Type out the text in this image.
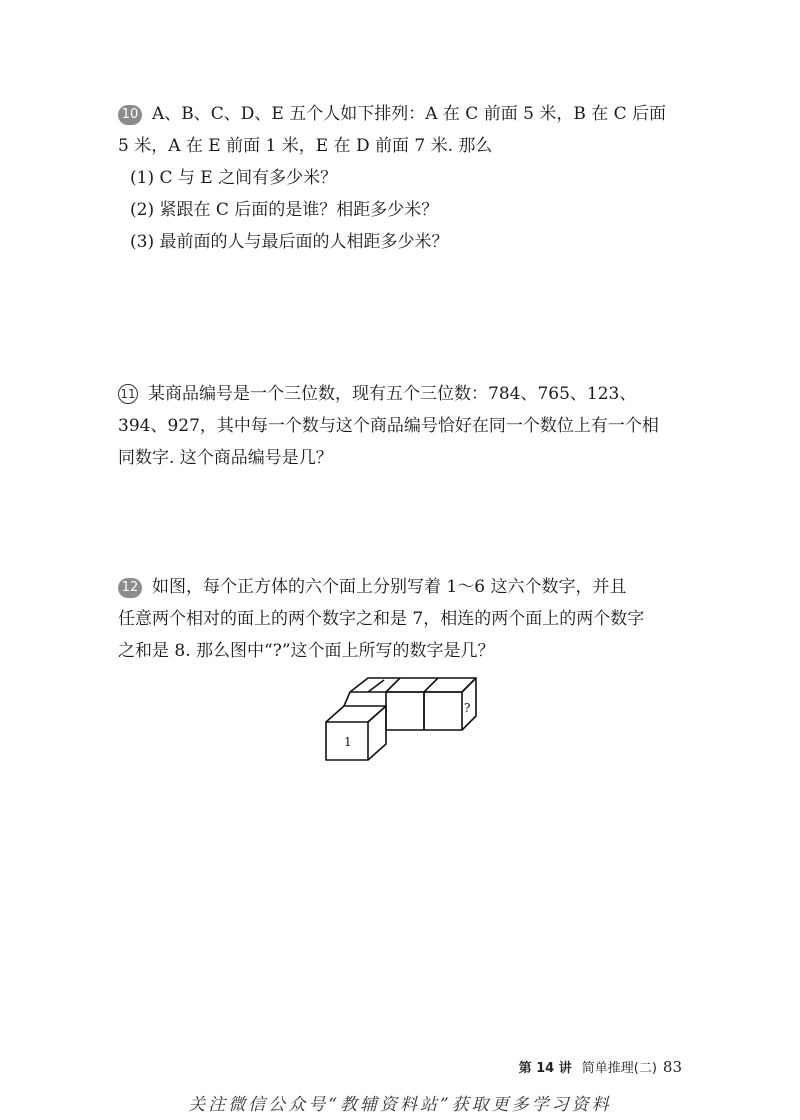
10 A、B、C、D、E 五个人如下排列：A 在 C 前面 5 米，B 在 C 后面
5 米，A 在 E 前面 1 米，E 在 D 前面 7 米. 那么
(1) C 与 E 之间有多少米？
(2) 紧跟在 C 后面的是谁？相距多少米？
(3) 最前面的人与最后面的人相距多少米？
11 某商品编号是一个三位数，现有五个三位数：784、765、123、
394、927，其中每一个数与这个商品编号恰好在同一个数位上有一个相
同数字. 这个商品编号是几？
12 如图，每个正方体的六个面上分别写着 1～6 这六个数字，并且
任意两个相对的面上的两个数字之和是 7，相连的两个面上的两个数字
之和是 8. 那么图中“?”这个面上所写的数字是几？
1
?
第 14 讲 简单推理(二) 83
关注微信公众号“教辅资料站”获取更多学习资料
